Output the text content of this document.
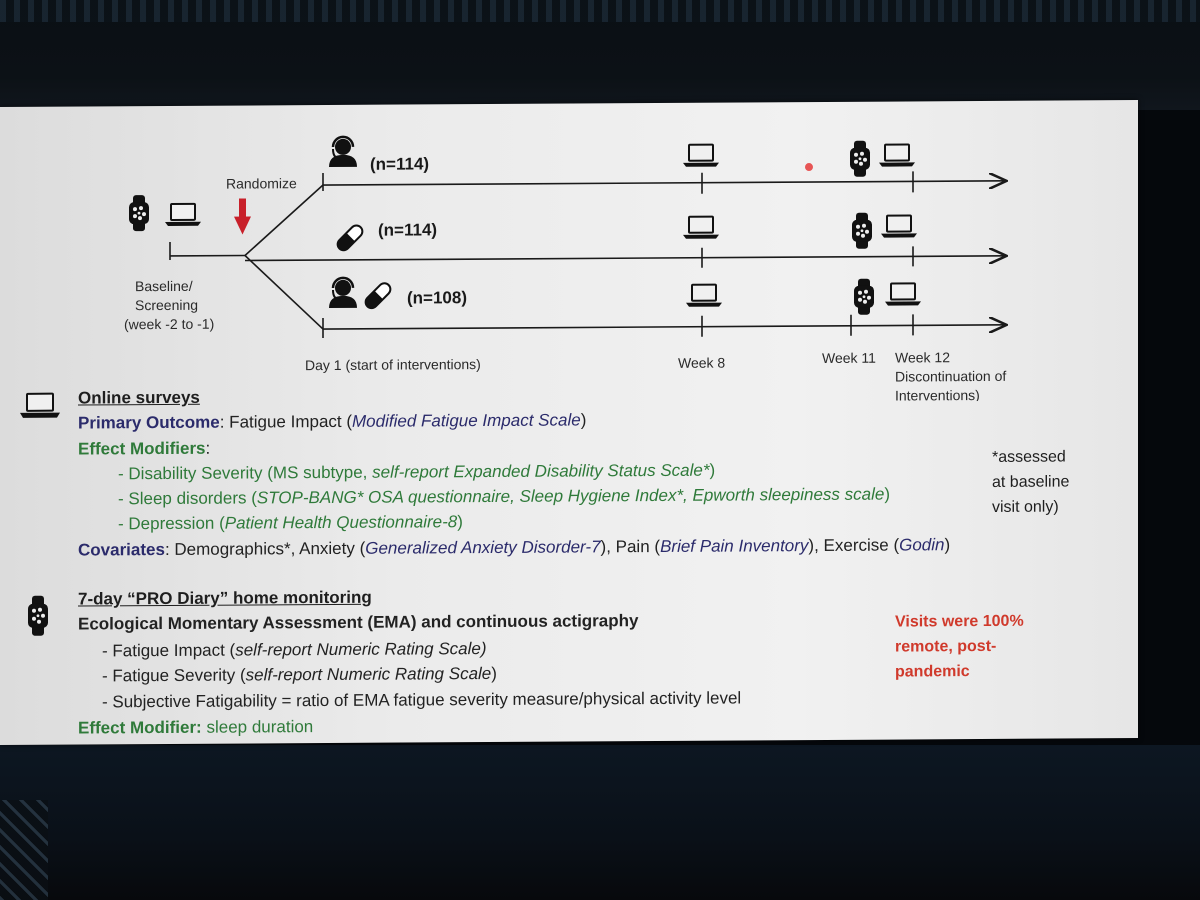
Randomize
(n=114)
(n=114)
(n=108)
Baseline/
Screening
(week -2 to -1)
Day 1 (start of interventions)	Week 8	Week 11 Week 12
Discontinuation of
Interventions)
Online surveys
Primary Outcome: Fatigue Impact (Modified Fatigue Impact Scale)
Effect Modifiers:
- Disability Severity (MS subtype, self-report Expanded Disability Status Scale*)
- Sleep disorders (STOP-BANG* OSA questionnaire, Sleep Hygiene Index*, Epworth sleepiness scale)
- Depression (Patient Health Questionnaire-8)
Covariates: Demographics*, Anxiety (Generalized Anxiety Disorder-7), Pain (Brief Pain Inventory), Exercise (Godin)
*assessed
at baseline
visit only)
7-day “PRO Diary” home monitoring
Ecological Momentary Assessment (EMA) and continuous actigraphy
- Fatigue Impact (self-report Numeric Rating Scale)
- Fatigue Severity (self-report Numeric Rating Scale)
- Subjective Fatigability = ratio of EMA fatigue severity measure/physical activity level
Effect Modifier: sleep duration
Visits were 100%
remote, post-
pandemic
